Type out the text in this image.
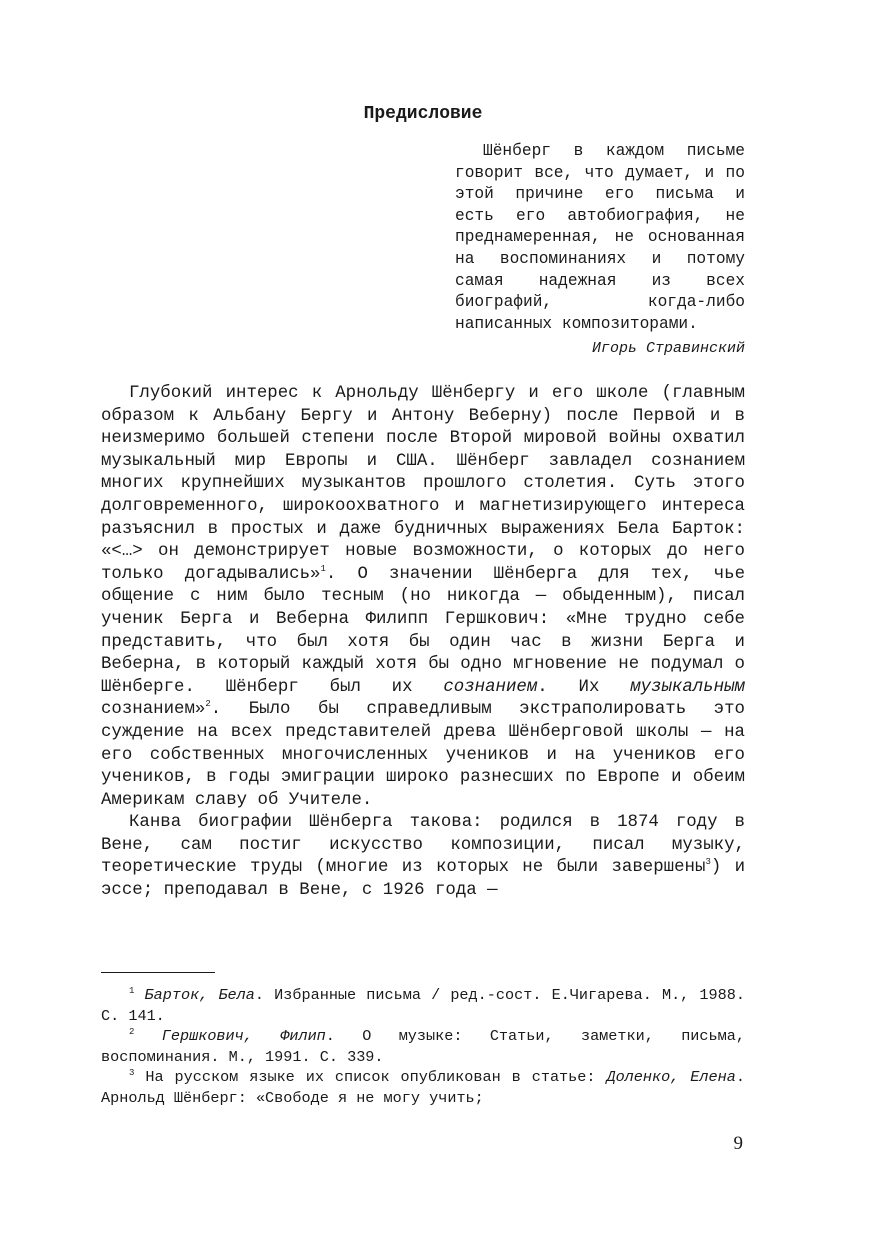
Предисловие

Шёнберг в каждом письме говорит все, что думает, и по этой причине его письма и есть его автобиография, не преднамеренная, не основанная на воспоминаниях и потому самая надежная из всех биографий, когда-либо написанных композиторами.

Игорь Стравинский

Глубокий интерес к Арнольду Шёнбергу и его школе (главным образом к Альбану Бергу и Антону Веберну) после Первой и в неизмеримо большей степени после Второй мировой войны охватил музыкальный мир Европы и США. Шёнберг завладел сознанием многих крупнейших музыкантов прошлого столетия. Суть этого долговременного, широкоохватного и магнетизирующего интереса разъяснил в простых и даже будничных выражениях Бела Барток: «<…> он демонстрирует новые возможности, о которых до него только догадывались»$^1$. О значении Шёнберга для тех, чье общение с ним было тесным (но никогда — обыденным), писал ученик Берга и Веберна Филипп Гершкович: «Мне трудно себе представить, что был хотя бы один час в жизни Берга и Веберна, в который каждый хотя бы одно мгновение не подумал о Шёнберге. Шёнберг был их сознанием. Их музыкальным сознанием»$^2$. Было бы справедливым экстраполировать это суждение на всех представителей древа Шёнберговой школы — на его собственных многочисленных учеников и на учеников его учеников, в годы эмиграции широко разнесших по Европе и обеим Америкам славу об Учителе.

Канва биографии Шёнберга такова: родился в 1874 году в Вене, сам постиг искусство композиции, писал музыку, теоретические труды (многие из которых не были завершены$^3$) и эссе; преподавал в Вене, с 1926 года —

$^1$ Барток, Бела. Избранные письма / ред.-сост. Е.Чигарева. М., 1988. С. 141.

$^2$ Гершкович, Филип. О музыке: Статьи, заметки, письма, воспоминания. М., 1991. С. 339.

$^3$ На русском языке их список опубликован в статье: Доленко, Елена. Арнольд Шёнберг: «Свободе я не могу учить;

9
